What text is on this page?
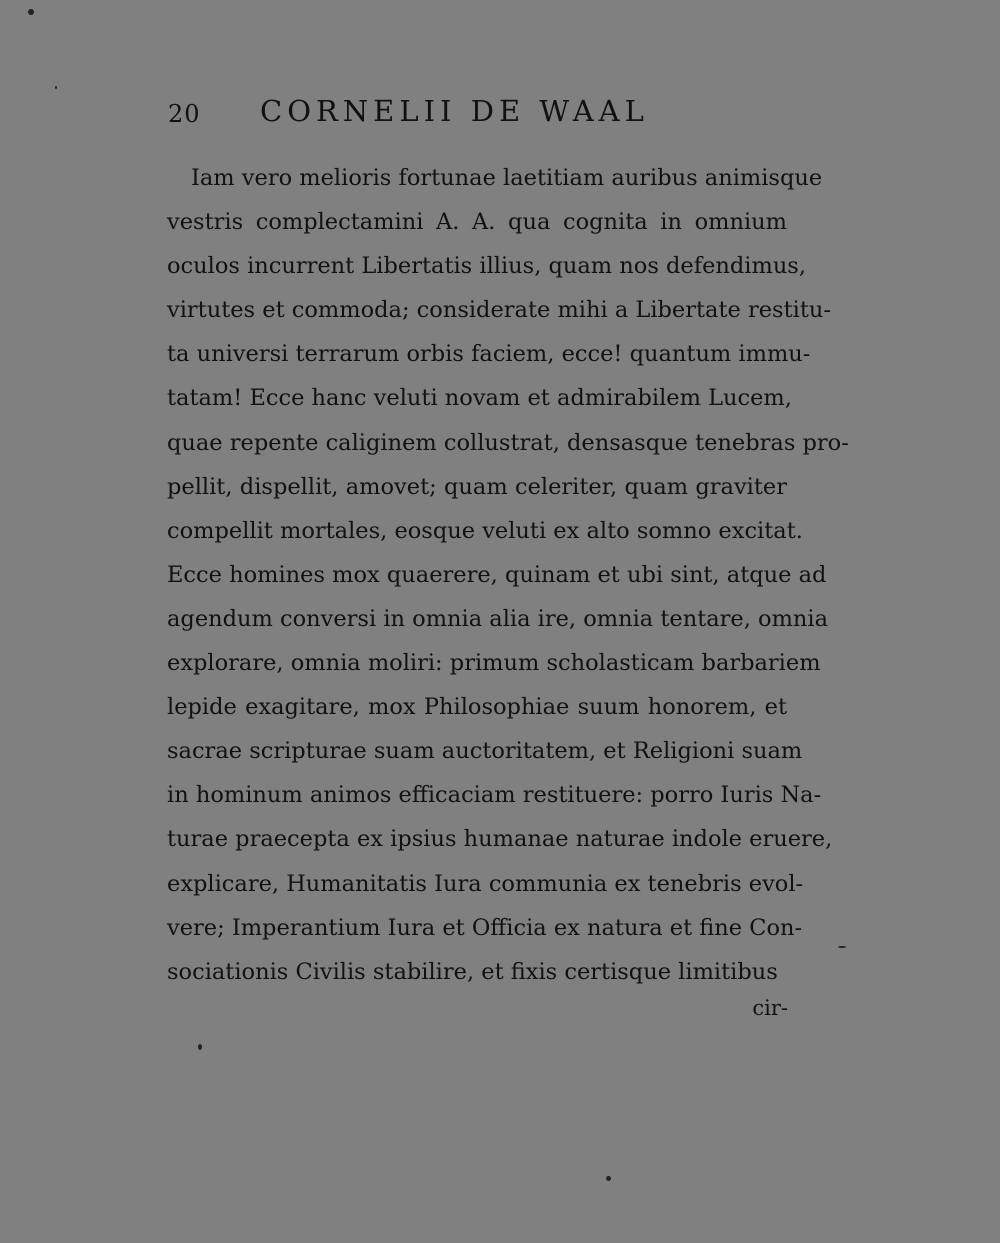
20 CORNELII DE WAAL
Iam vero melioris fortunae laetitiam auribus animisque
vestris complectamini A. A. qua cognita in omnium
oculos incurrent Libertatis illius, quam nos defendimus,
virtutes et commoda; considerate mihi a Libertate restitu-
ta universi terrarum orbis faciem, ecce! quantum immu-
tatam! Ecce hanc veluti novam et admirabilem Lucem,
quae repente caliginem collustrat, densasque tenebras pro-
pellit, dispellit, amovet; quam celeriter, quam graviter
compellit mortales, eosque veluti ex alto somno excitat.
Ecce homines mox quaerere, quinam et ubi sint, atque ad
agendum conversi in omnia alia ire, omnia tentare, omnia
explorare, omnia moliri: primum scholasticam barbariem
lepide exagitare, mox Philosophiae suum honorem, et
sacrae scripturae suam auctoritatem, et Religioni suam
in hominum animos efficaciam restituere: porro Iuris Na-
turae praecepta ex ipsius humanae naturae indole eruere,
explicare, Humanitatis Iura communia ex tenebris evol-
vere; Imperantium Iura et Officia ex natura et fine Con-
sociationis Civilis stabilire, et fixis certisque limitibus
cir-
